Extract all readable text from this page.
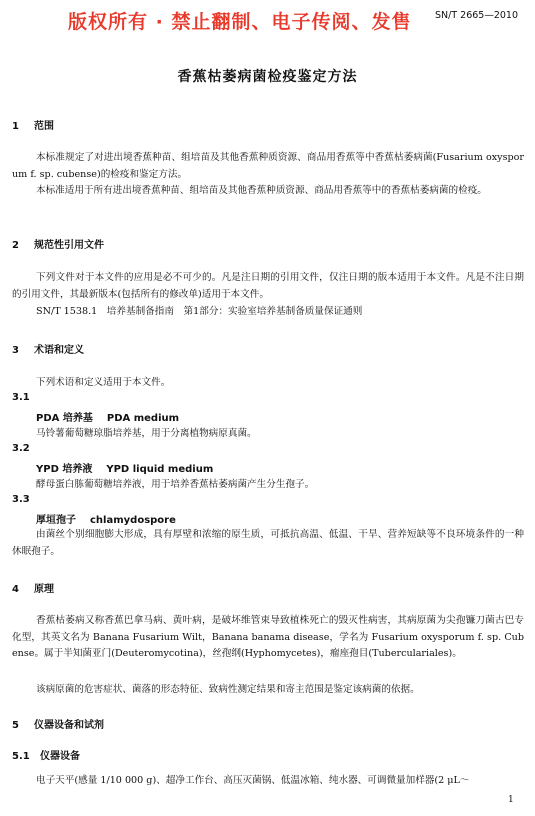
版权所有 · 禁止翻制、电子传阅、发售 SN/T 2665—2010
香蕉枯萎病菌检疫鉴定方法
1 范围
本标准规定了对进出境香蕉种苗、组培苗及其他香蕉种质资源、商品用香蕉等中香蕉枯萎病菌(Fusarium oxysporum f. sp. cubense)的检疫和鉴定方法。
本标准适用于所有进出境香蕉种苗、组培苗及其他香蕉种质资源、商品用香蕉等中的香蕉枯萎病菌的检疫。
2 规范性引用文件
下列文件对于本文件的应用是必不可少的。凡是注日期的引用文件，仅注日期的版本适用于本文件。凡是不注日期的引用文件，其最新版本(包括所有的修改单)适用于本文件。
SN/T 1538.1　培养基制备指南　第1部分：实验室培养基制备质量保证通则
3 术语和定义
下列术语和定义适用于本文件。
3.1
PDA 培养基 PDA medium
马铃薯葡萄糖琼脂培养基，用于分离植物病原真菌。
3.2
YPD 培养液 YPD liquid medium
酵母蛋白胨葡萄糖培养液，用于培养香蕉枯萎病菌产生分生孢子。
3.3
厚垣孢子 chlamydospore
由菌丝个别细胞膨大形成，具有厚壁和浓缩的原生质，可抵抗高温、低温、干旱、营养短缺等不良环境条件的一种休眠孢子。
4 原理
香蕉枯萎病又称香蕉巴拿马病、黄叶病，是破坏维管束导致植株死亡的毁灭性病害，其病原菌为尖孢镰刀菌古巴专化型，其英文名为 Banana Fusarium Wilt，Banana banama disease，学名为 Fusarium oxysporum f. sp. Cubense。属于半知菌亚门(Deuteromycotina)，丝孢纲(Hyphomycetes)，瘤座孢目(Tuberculariales)。
该病原菌的危害症状、菌落的形态特征、致病性测定结果和寄主范围是鉴定该病菌的依据。
5 仪器设备和试剂
5.1 仪器设备
电子天平(感量 1/10 000 g)、超净工作台、高压灭菌锅、低温冰箱、纯水器、可调微量加样器(2 μL～
1
